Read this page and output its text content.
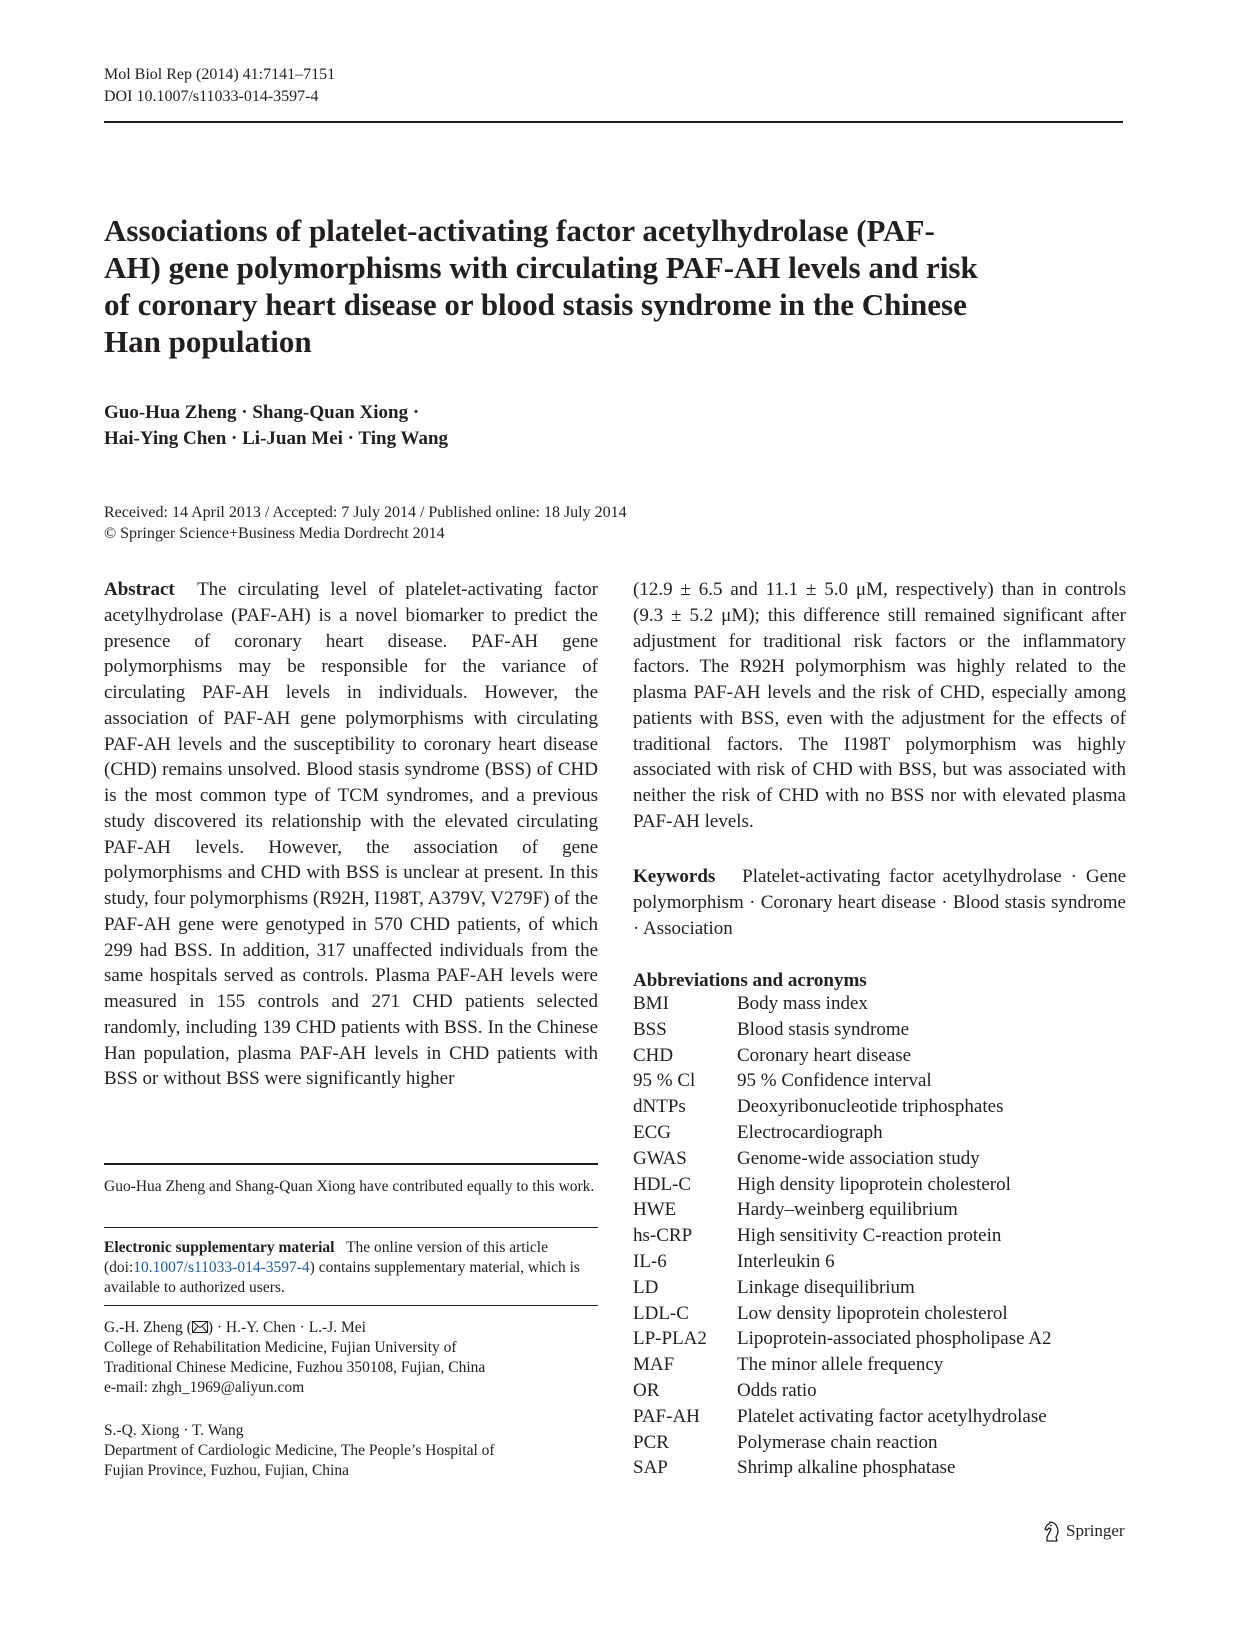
Mol Biol Rep (2014) 41:7141–7151
DOI 10.1007/s11033-014-3597-4
Associations of platelet-activating factor acetylhydrolase (PAF-
AH) gene polymorphisms with circulating PAF-AH levels and risk
of coronary heart disease or blood stasis syndrome in the Chinese
Han population
Guo-Hua Zheng · Shang-Quan Xiong ·
Hai-Ying Chen · Li-Juan Mei · Ting Wang
Received: 14 April 2013 / Accepted: 7 July 2014 / Published online: 18 July 2014
© Springer Science+Business Media Dordrecht 2014
Abstract The circulating level of platelet-activating factor acetylhydrolase (PAF-AH) is a novel biomarker to predict the presence of coronary heart disease. PAF-AH gene polymorphisms may be responsible for the variance of circulating PAF-AH levels in individuals. However, the association of PAF-AH gene polymorphisms with circulating PAF-AH levels and the susceptibility to coronary heart disease (CHD) remains unsolved. Blood stasis syndrome (BSS) of CHD is the most common type of TCM syndromes, and a previous study discovered its relationship with the elevated circulating PAF-AH levels. However, the association of gene polymorphisms and CHD with BSS is unclear at present. In this study, four polymorphisms (R92H, I198T, A379V, V279F) of the PAF-AH gene were genotyped in 570 CHD patients, of which 299 had BSS. In addition, 317 unaffected individuals from the same hospitals served as controls. Plasma PAF-AH levels were measured in 155 controls and 271 CHD patients selected randomly, including 139 CHD patients with BSS. In the Chinese Han population, plasma PAF-AH levels in CHD patients with BSS or without BSS were significantly higher
(12.9 ± 6.5 and 11.1 ± 5.0 μM, respectively) than in controls (9.3 ± 5.2 μM); this difference still remained significant after adjustment for traditional risk factors or the inflammatory factors. The R92H polymorphism was highly related to the plasma PAF-AH levels and the risk of CHD, especially among patients with BSS, even with the adjustment for the effects of traditional factors. The I198T polymorphism was highly associated with risk of CHD with BSS, but was associated with neither the risk of CHD with no BSS nor with elevated plasma PAF-AH levels.
Keywords Platelet-activating factor acetylhydrolase · Gene polymorphism · Coronary heart disease · Blood stasis syndrome · Association
Abbreviations and acronyms
BMI	Body mass index
BSS	Blood stasis syndrome
CHD	Coronary heart disease
95 % Cl	95 % Confidence interval
dNTPs	Deoxyribonucleotide triphosphates
ECG	Electrocardiograph
GWAS	Genome-wide association study
HDL-C	High density lipoprotein cholesterol
HWE	Hardy–weinberg equilibrium
hs-CRP	High sensitivity C-reaction protein
IL-6	Interleukin 6
LD	Linkage disequilibrium
LDL-C	Low density lipoprotein cholesterol
LP-PLA2	Lipoprotein-associated phospholipase A2
MAF	The minor allele frequency
OR	Odds ratio
PAF-AH	Platelet activating factor acetylhydrolase
PCR	Polymerase chain reaction
SAP	Shrimp alkaline phosphatase
Guo-Hua Zheng and Shang-Quan Xiong have contributed equally to this work.
Electronic supplementary material The online version of this article (doi:10.1007/s11033-014-3597-4) contains supplementary material, which is available to authorized users.
G.-H. Zheng ( ) · H.-Y. Chen · L.-J. Mei
College of Rehabilitation Medicine, Fujian University of
Traditional Chinese Medicine, Fuzhou 350108, Fujian, China
e-mail: zhgh_1969@aliyun.com
S.-Q. Xiong · T. Wang
Department of Cardiologic Medicine, The People’s Hospital of
Fujian Province, Fuzhou, Fujian, China
Springer
